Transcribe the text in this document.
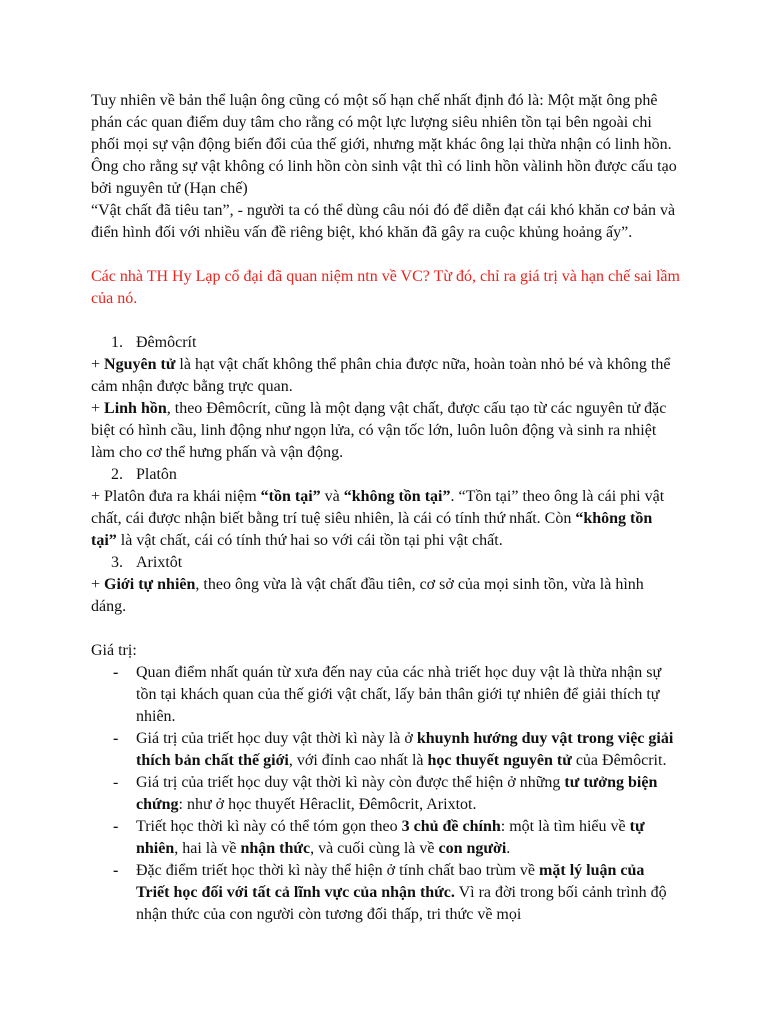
Tuy nhiên về bản thể luận ông cũng có một số hạn chế nhất định đó là: Một mặt ông phê phán các quan điểm duy tâm cho rằng có một lực lượng siêu nhiên tồn tại bên ngoài chi phối mọi sự vận động biến đổi của thế giới, nhưng mặt khác ông lại thừa nhận có linh hồn. Ông cho rằng sự vật không có linh hồn còn sinh vật thì có linh hồn vàlinh hồn được cấu tạo bởi nguyên tử (Hạn chế)

“Vật chất đã tiêu tan”, - người ta có thể dùng câu nói đó để diễn đạt cái khó khăn cơ bản và điển hình đối với nhiều vấn đề riêng biệt, khó khăn đã gây ra cuộc khủng hoảng ấy”.

Các nhà TH Hy Lạp cổ đại đã quan niệm ntn về VC? Từ đó, chỉ ra giá trị và hạn chế sai lầm của nó.

1. Đêmôcrít

+ Nguyên tử là hạt vật chất không thể phân chia được nữa, hoàn toàn nhỏ bé và không thể cảm nhận được bằng trực quan.

+ Linh hồn, theo Đêmôcrít, cũng là một dạng vật chất, được cấu tạo từ các nguyên tử đặc biệt có hình cầu, linh động như ngọn lửa, có vận tốc lớn, luôn luôn động và sinh ra nhiệt làm cho cơ thể hưng phấn và vận động.

2. Platôn

+ Platôn đưa ra khái niệm “tồn tại” và “không tồn tại”. “Tồn tại” theo ông là cái phi vật chất, cái được nhận biết bằng trí tuệ siêu nhiên, là cái có tính thứ nhất. Còn “không tồn tại” là vật chất, cái có tính thứ hai so với cái tồn tại phi vật chất.

3. Arixtôt

+ Giới tự nhiên, theo ông vừa là vật chất đầu tiên, cơ sở của mọi sinh tồn, vừa là hình dáng.

Giá trị:

- Quan điểm nhất quán từ xưa đến nay của các nhà triết học duy vật là thừa nhận sự tồn tại khách quan của thế giới vật chất, lấy bản thân giới tự nhiên để giải thích tự nhiên.
- Giá trị của triết học duy vật thời kì này là ở khuynh hướng duy vật trong việc giải thích bản chất thế giới, với đỉnh cao nhất là học thuyết nguyên tử của Đêmôcrit.
- Giá trị của triết học duy vật thời kì này còn được thể hiện ở những tư tưởng biện chứng: như ở học thuyết Hêraclit, Đêmôcrit, Arixtot.
- Triết học thời kì này có thể tóm gọn theo 3 chủ đề chính: một là tìm hiểu về tự nhiên, hai là về nhận thức, và cuối cùng là về con người.
- Đặc điểm triết học thời kì này thể hiện ở tính chất bao trùm về mặt lý luận của Triết học đối với tất cả lĩnh vực của nhận thức. Vì ra đời trong bối cảnh trình độ nhận thức của con người còn tương đối thấp, tri thức về mọi
